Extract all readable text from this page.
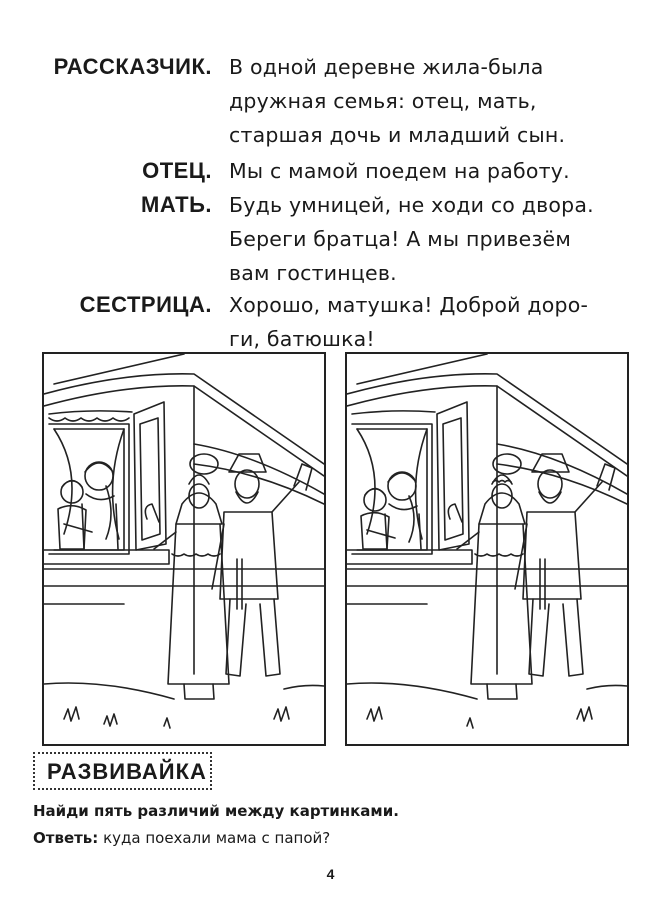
РАССКАЗЧИК. В одной деревне жила-была
дружная семья: отец, мать,
старшая дочь и младший сын.
ОТЕЦ. Мы с мамой поедем на работу.
МАТЬ. Будь умницей, не ходи со двора.
Береги братца! А мы привезём
вам гостинцев.
СЕСТРИЦА. Хорошо, матушка! Доброй доро-
ги, батюшка!
РАЗВИВАЙКА
Найди пять различий между картинками.
Ответь: куда поехали мама с папой?
4
